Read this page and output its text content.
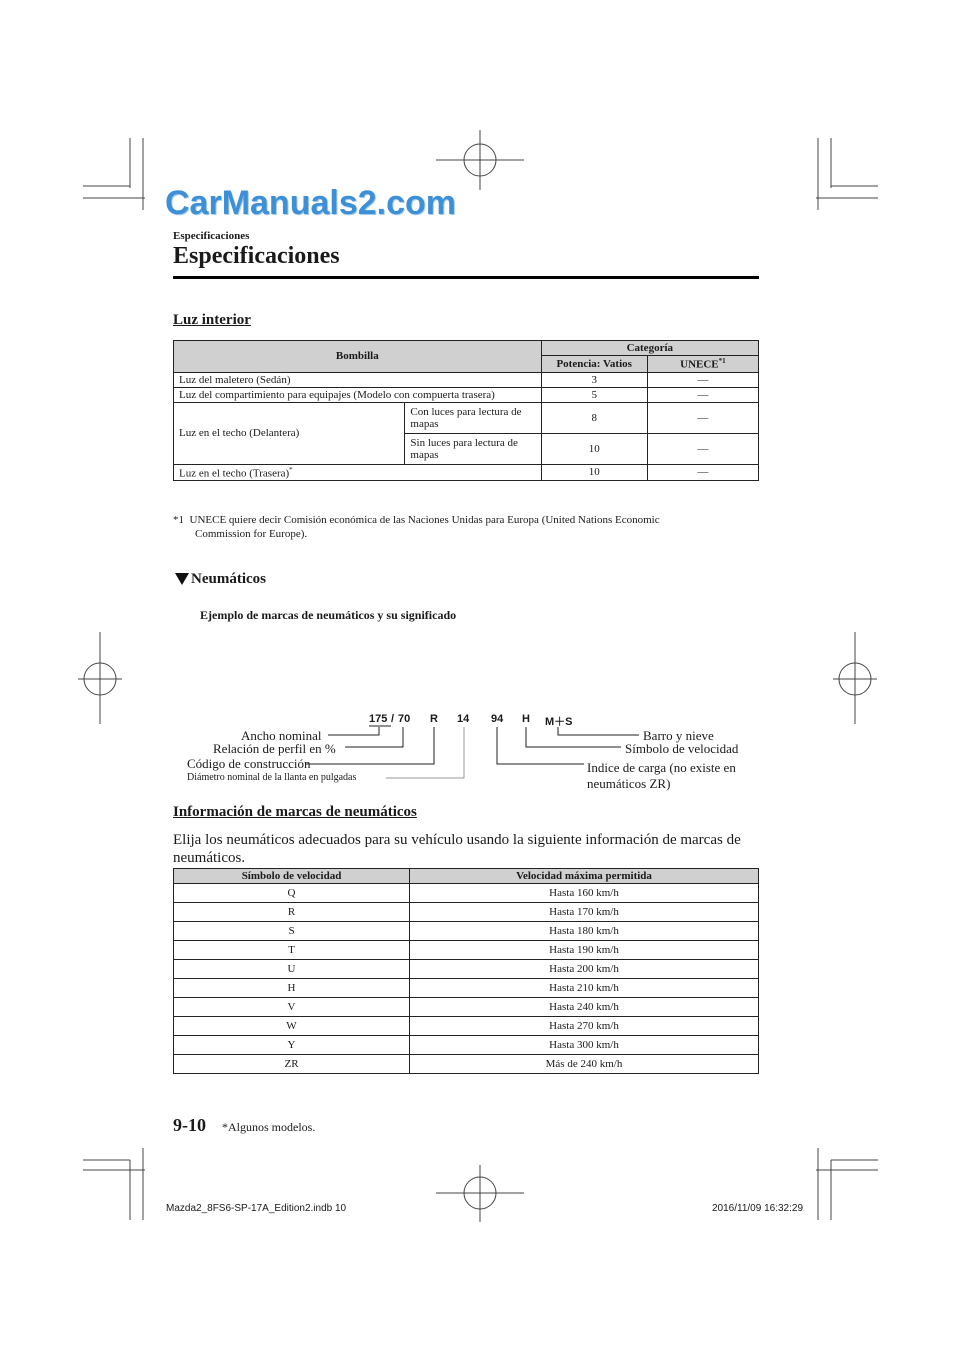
CarManuals2.com
Especificaciones
Especificaciones
Luz interior
Bombilla		Categoría	
		Potencia: Vatios	UNECE$^{*1}$
Luz del maletero (Sedán)		3	—
Luz del compartimiento para equipajes (Modelo con compuerta trasera)		5	—
Luz en el techo (Delantera)	Con luces para lectura de mapas	8	—
	Sin luces para lectura de mapas	10	—
Luz en el techo (Trasera)*		10	—
*1 UNECE quiere decir Comisión económica de las Naciones Unidas para Europa (United Nations Economic
Commission for Europe).
Neumáticos
Ejemplo de marcas de neumáticos y su significado
175 / 70 R 14 94 H M＋S
Ancho nominal
Relación de perfil en %
Código de construcción
Diámetro nominal de la llanta en pulgadas
Barro y nieve
Símbolo de velocidad
Indice de carga (no existe en
neumáticos ZR)
Información de marcas de neumáticos
Elija los neumáticos adecuados para su vehículo usando la siguiente información de marcas de neumáticos.
Símbolo de velocidad	Velocidad máxima permitida
Q	Hasta 160 km/h
R	Hasta 170 km/h
S	Hasta 180 km/h
T	Hasta 190 km/h
U	Hasta 200 km/h
H	Hasta 210 km/h
V	Hasta 240 km/h
W	Hasta 270 km/h
Y	Hasta 300 km/h
ZR	Más de 240 km/h
9-10 *Algunos modelos.
Mazda2_8FS6-SP-17A_Edition2.indb 10	2016/11/09 16:32:29
